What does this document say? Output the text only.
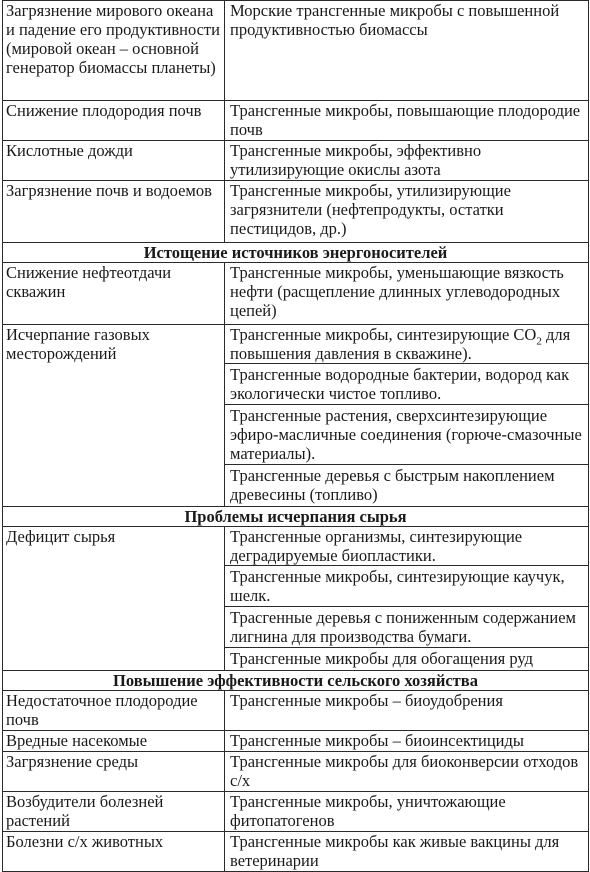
Загрязнение мирового океана и падение его продуктивности (мировой океан – основной генератор биомассы планеты)	Морские трансгенные микробы с повышенной продуктивностью биомассы
Снижение плодородия почв	Трансгенные микробы, повышающие плодородие почв
Кислотные дожди	Трансгенные микробы, эффективно утилизирующие окислы азота
Загрязнение почв и водоемов	Трансгенные микробы, утилизирующие загрязнители (нефтепродукты, остатки пестицидов, др.)
Истощение источников энергоносителей	
Снижение нефтеотдачи скважин	Трансгенные микробы, уменьшающие вязкость нефти (расщепление длинных углеводородных цепей)
Исчерпание газовых месторождений	Трансгенные микробы, синтезирующие $СО_2$ для повышения давления в скважине).
Трансгенные водородные бактерии, водород как экологически чистое топливо.
Трансгенные растения, сверхсинтезирующие эфиро-масличные соединения (горюче-смазочные материалы).
Трансгенные деревья с быстрым накоплением древесины (топливо)

Проблемы исчерпания сырья	
Дефицит сырья	Трансгенные организмы, синтезирующие деградируемые биопластики.
Трансгенные микробы, синтезирующие каучук, шелк.
Трасгенные деревья с пониженным содержанием лигнина для производства бумаги.
Трансгенные микробы для обогащения руд

Повышение эффективности сельского хозяйства	
Недостаточное плодородие почв	Трансгенные микробы – биоудобрения
Вредные насекомые	Трансгенные микробы – биоинсектициды
Загрязнение среды	Трансгенные микробы для биоконверсии отходов с/х
Возбудители болезней растений	Трансгенные микробы, уничтожающие фитопатогенов
Болезни с/х животных	Трансгенные микробы как живые вакцины для ветеринарии
